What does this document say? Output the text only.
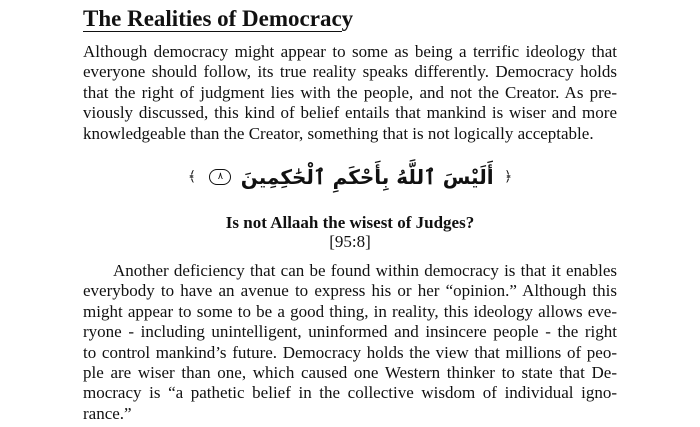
The Realities of Democracy

Although democracy might appear to some as being a terrific ideology that
everyone should follow, its true reality speaks differently. Democracy holds
that the right of judgment lies with the people, and not the Creator. As pre-
viously discussed, this kind of belief entails that mankind is wiser and more
knowledgeable than the Creator, something that is not logically acceptable.

﴿ أَلَيْسَ ٱللَّهُ بِأَحْكَمِ ٱلْحَٰكِمِينَ ٨ ﴾

Is not Allaah the wisest of Judges?

[95:8]

Another deficiency that can be found within democracy is that it enables
everybody to have an avenue to express his or her “opinion.” Although this
might appear to some to be a good thing, in reality, this ideology allows eve-
ryone - including unintelligent, uninformed and insincere people - the right
to control mankind’s future. Democracy holds the view that millions of peo-
ple are wiser than one, which caused one Western thinker to state that De-
mocracy is “a pathetic belief in the collective wisdom of individual igno-
rance.”
